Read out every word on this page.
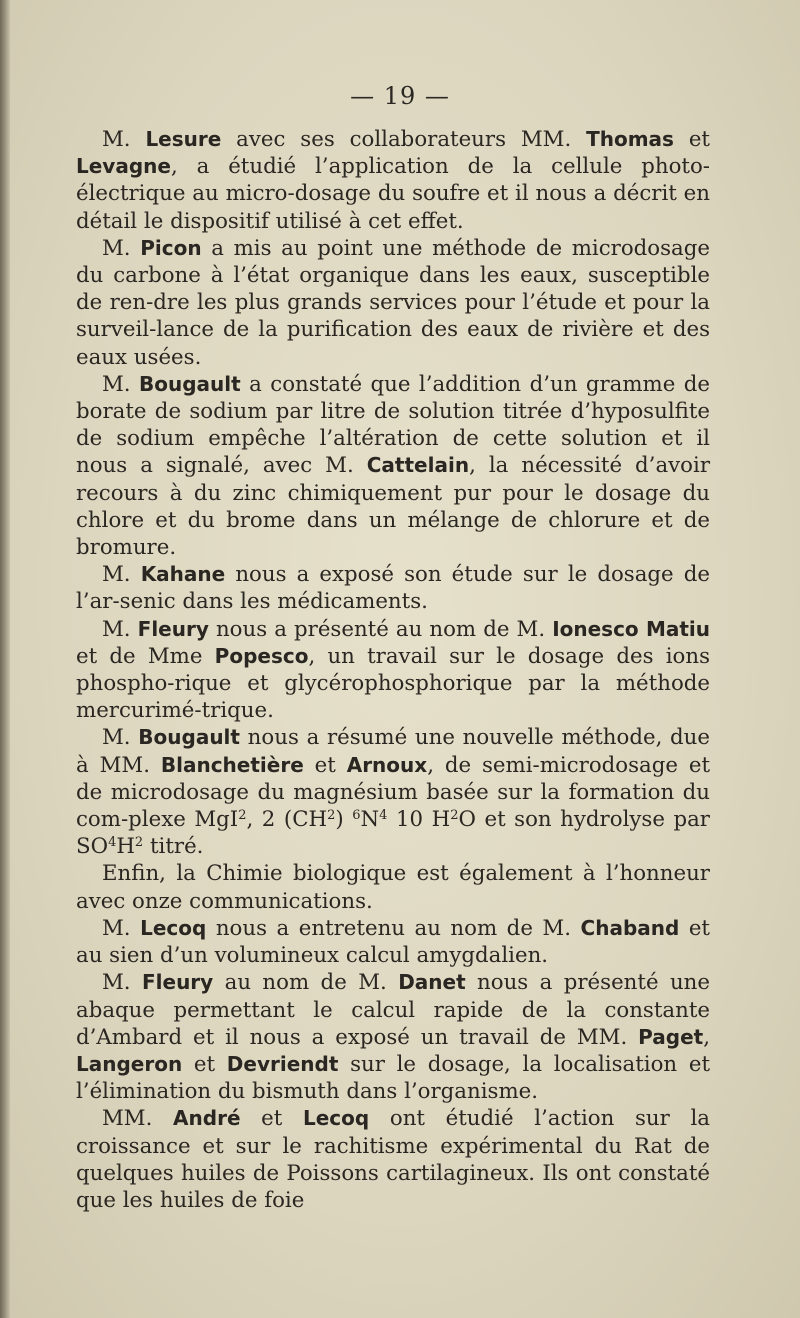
— 19 —

M. Lesure avec ses collaborateurs MM. Thomas et Levagne, a étudié l’application de la cellule photo-électrique au micro-dosage du soufre et il nous a décrit en détail le dispositif utilisé à cet effet.

M. Picon a mis au point une méthode de microdosage du carbone à l’état organique dans les eaux, susceptible de ren-dre les plus grands services pour l’étude et pour la surveil-lance de la purification des eaux de rivière et des eaux usées.

M. Bougault a constaté que l’addition d’un gramme de borate de sodium par litre de solution titrée d’hyposulfite de sodium empêche l’altération de cette solution et il nous a signalé, avec M. Cattelain, la nécessité d’avoir recours à du zinc chimiquement pur pour le dosage du chlore et du brome dans un mélange de chlorure et de bromure.

M. Kahane nous a exposé son étude sur le dosage de l’ar-senic dans les médicaments.

M. Fleury nous a présenté au nom de M. Ionesco Matiu et de Mme Popesco, un travail sur le dosage des ions phospho-rique et glycérophosphorique par la méthode mercurimé-trique.

M. Bougault nous a résumé une nouvelle méthode, due à MM. Blanchetière et Arnoux, de semi-microdosage et de microdosage du magnésium basée sur la formation du com-plexe MgI$^2$, 2 $(CH^2)$ $^6N^4$ 10 $H^2O$ et son hydrolyse par $SO^4H^2$ titré.

Enfin, la Chimie biologique est également à l’honneur avec onze communications.

M. Lecoq nous a entretenu au nom de M. Chaband et au sien d’un volumineux calcul amygdalien.

M. Fleury au nom de M. Danet nous a présenté une abaque permettant le calcul rapide de la constante d’Ambard et il nous a exposé un travail de MM. Paget, Langeron et Devriendt sur le dosage, la localisation et l’élimination du bismuth dans l’organisme.

MM. André et Lecoq ont étudié l’action sur la croissance et sur le rachitisme expérimental du Rat de quelques huiles de Poissons cartilagineux. Ils ont constaté que les huiles de foie
